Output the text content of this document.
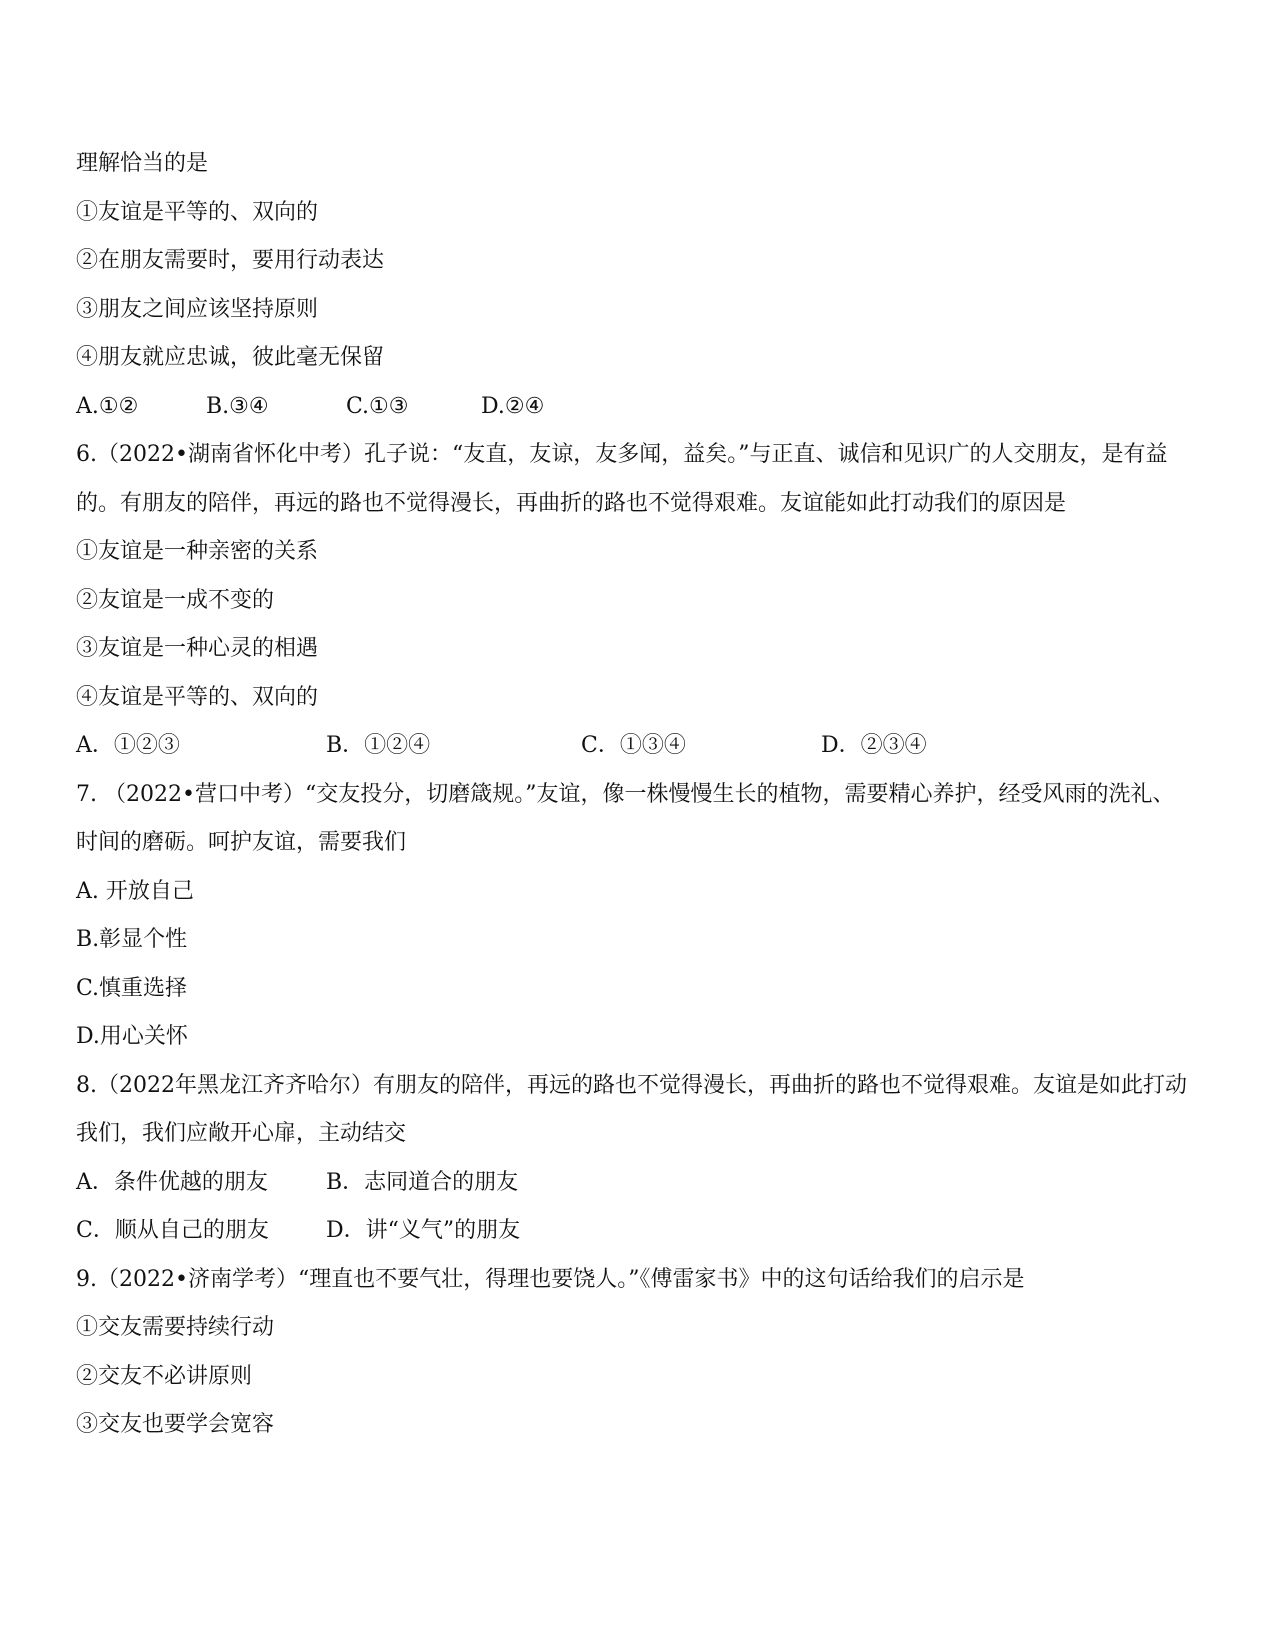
理解恰当的是
①友谊是平等的、双向的
②在朋友需要时，要用行动表达
③朋友之间应该坚持原则
④朋友就应忠诚，彼此毫无保留
A.①②	B.③④	C.①③	D.②④
6.（2022•湖南省怀化中考）孔子说：“友直，友谅，友多闻，益矣。”与正直、诚信和见识广的人交朋友，是有益的。有朋友的陪伴，再远的路也不觉得漫长，再曲折的路也不觉得艰难。友谊能如此打动我们的原因是
①友谊是一种亲密的关系
②友谊是一成不变的
③友谊是一种心灵的相遇
④友谊是平等的、双向的
A．①②③	B．①②④	C．①③④	D．②③④
7. （2022•营口中考）“交友投分，切磨箴规。”友谊，像一株慢慢生长的植物，需要精心养护，经受风雨的洗礼、时间的磨砺。呵护友谊，需要我们
A. 开放自己
B.彰显个性
C.慎重选择
D.用心关怀
8.（2022年黑龙江齐齐哈尔）有朋友的陪伴，再远的路也不觉得漫长，再曲折的路也不觉得艰难。友谊是如此打动我们，我们应敞开心扉，主动结交
A．条件优越的朋友	B．志同道合的朋友
C．顺从自己的朋友	D．讲“义气”的朋友
9.（2022•济南学考）“理直也不要气壮，得理也要饶人。”《傅雷家书》中的这句话给我们的启示是
①交友需要持续行动
②交友不必讲原则
③交友也要学会宽容
